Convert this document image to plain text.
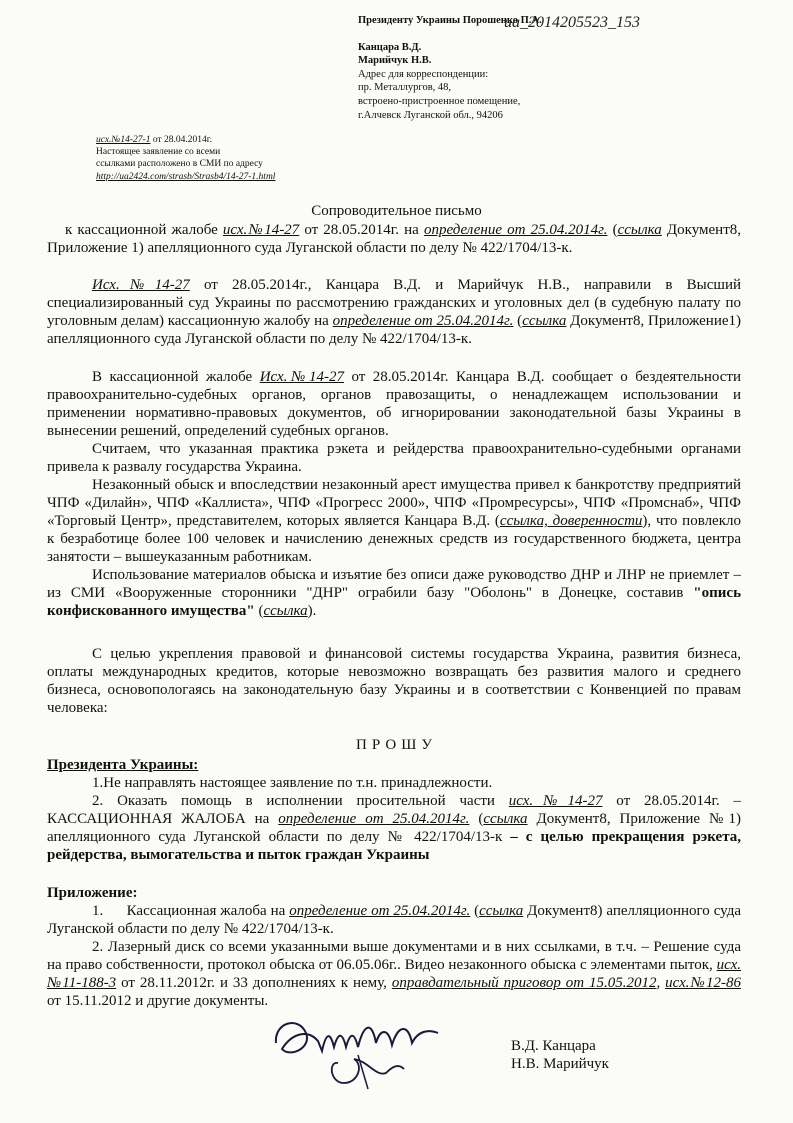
Президенту Украины Порошенко П.А.
Канцара В.Д.
Марийчук Н.В.
Адрес для корреспонденции:
пр. Металлургов, 48,
встроено-пристроенное помещение,
г.Алчевск Луганской обл., 94206
ua_2014205523_153
исх.№14-27-1 от 28.04.2014г.
Настоящее заявление со всеми
ссылками расположено в СМИ по адресу
http://ua2424.com/strasb/Strasb4/14-27-1.html
Сопроводительное письмо

к кассационной жалобе исх.№14-27 от 28.05.2014г. на определение от 25.04.2014г. (ссылка Документ8, Приложение 1) апелляционного суда Луганской области по делу № 422/1704/13-к.

Исх.№14-27 от 28.05.2014г., Канцара В.Д. и Марийчук Н.В., направили в Высший специализированный суд Украины по рассмотрению гражданских и уголовных дел (в судебную палату по уголовным делам) кассационную жалобу на определение от 25.04.2014г. (ссылка Документ8, Приложение1) апелляционного суда Луганской области по делу № 422/1704/13-к.

В кассационной жалобе Исх.№14-27 от 28.05.2014г. Канцара В.Д. сообщает о бездеятельности правоохранительно-судебных органов, органов правозащиты, о ненадлежащем использовании и применении нормативно-правовых документов, об игнорировании законодательной базы Украины в вынесении решений, определений судебных органов.

Считаем, что указанная практика рэкета и рейдерства правоохранительно-судебными органами привела к развалу государства Украина.

Незаконный обыск и впоследствии незаконный арест имущества привел к банкротству предприятий ЧПФ «Дилайн», ЧПФ «Каллиста», ЧПФ «Прогресс 2000», ЧПФ «Промресурсы», ЧПФ «Промснаб», ЧПФ «Торговый Центр», представителем, которых является Канцара В.Д. (ссылка, доверенности), что повлекло к безработице более 100 человек и начислению денежных средств из государственного бюджета, центра занятости – вышеуказанным работникам.

Использование материалов обыска и изъятие без описи даже руководство ДНР и ЛНР не приемлет – из СМИ «Вооруженные сторонники "ДНР" ограбили базу "Оболонь" в Донецке, составив "опись конфискованного имущества" (ссылка).

С целью укрепления правовой и финансовой системы государства Украина, развития бизнеса, оплаты международных кредитов, которые невозможно возвращать без развития малого и среднего бизнеса, основопологаясь на законодательную базу Украины и в соответствии с Конвенцией по правам человека:

ПРОШУ

Президента Украины:

1.Не направлять настоящее заявление по т.н. принадлежности.

2. Оказать помощь в исполнении просительной части исх.№14-27 от 28.05.2014г. – КАССАЦИОННАЯ ЖАЛОБА на определение от 25.04.2014г. (ссылка Документ8, Приложение №1) апелляционного суда Луганской области по делу № 422/1704/13-к – с целью прекращения рэкета, рейдерства, вымогательства и пыток граждан Украины

Приложение:

1.      Кассационная жалоба на определение от 25.04.2014г. (ссылка Документ8) апелляционного суда Луганской области по делу № 422/1704/13-к.

2. Лазерный диск со всеми указанными выше документами и в них ссылками, в т.ч. – Решение суда на право собственности, протокол обыска от 06.05.06г.. Видео незаконного обыска с элементами пыток, исх.№11-188-3 от 28.11.2012г. и 33 дополнениях к нему, оправдательный приговор от 15.05.2012, исх.№12-86 от 15.11.2012 и другие документы.

В.Д. Канцара
Н.В. Марийчук
